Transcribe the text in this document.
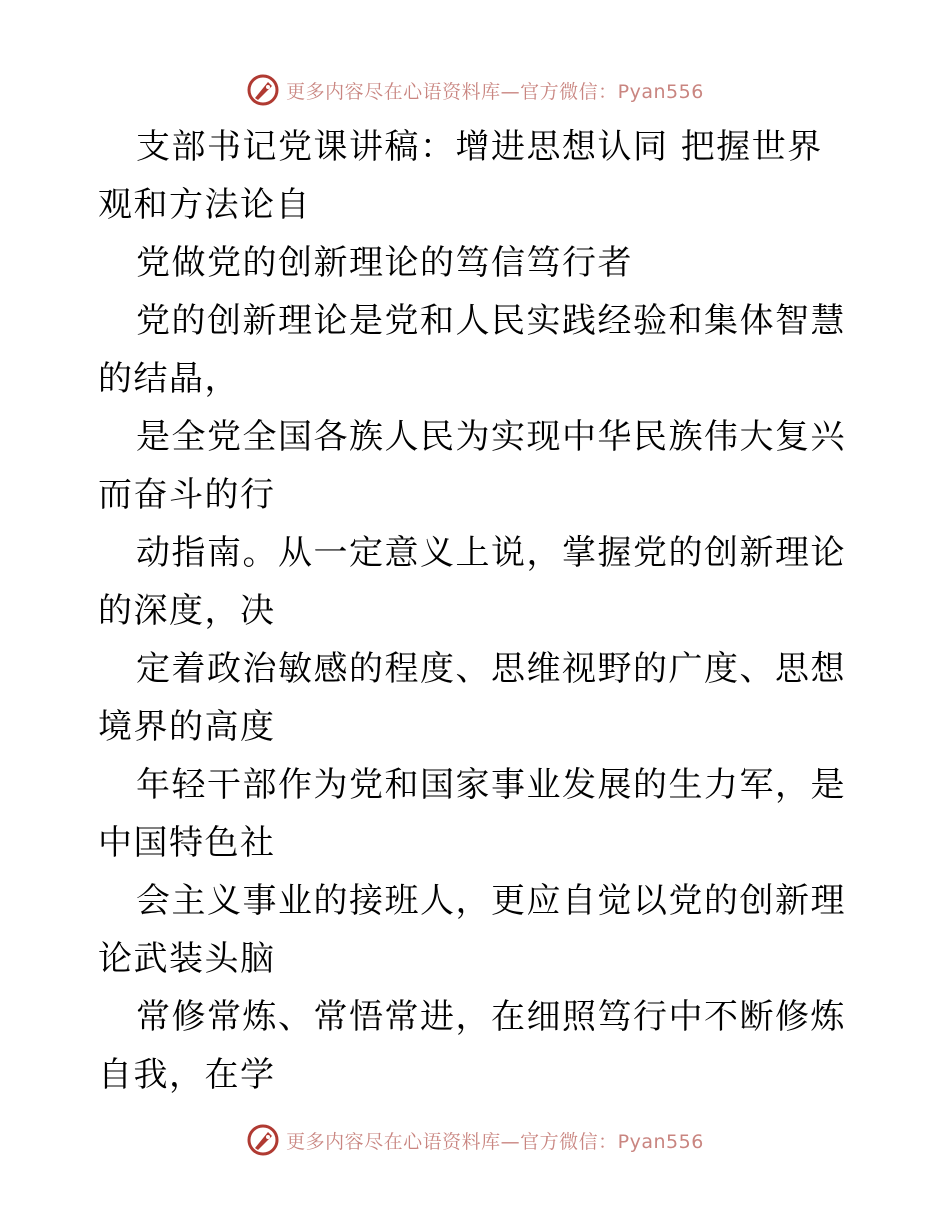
更多内容尽在心语资料库—官方微信：Pyan556

支部书记党课讲稿：增进思想认同 把握世界观和方法论自

党做党的创新理论的笃信笃行者

党的创新理论是党和人民实践经验和集体智慧的结晶，

是全党全国各族人民为实现中华民族伟大复兴而奋斗的行

动指南。从一定意义上说，掌握党的创新理论的深度，决

定着政治敏感的程度、思维视野的广度、思想境界的高度

年轻干部作为党和国家事业发展的生力军，是中国特色社

会主义事业的接班人，更应自觉以党的创新理论武装头脑

常修常炼、常悟常进，在细照笃行中不断修炼自我，在学

更多内容尽在心语资料库—官方微信：Pyan556
